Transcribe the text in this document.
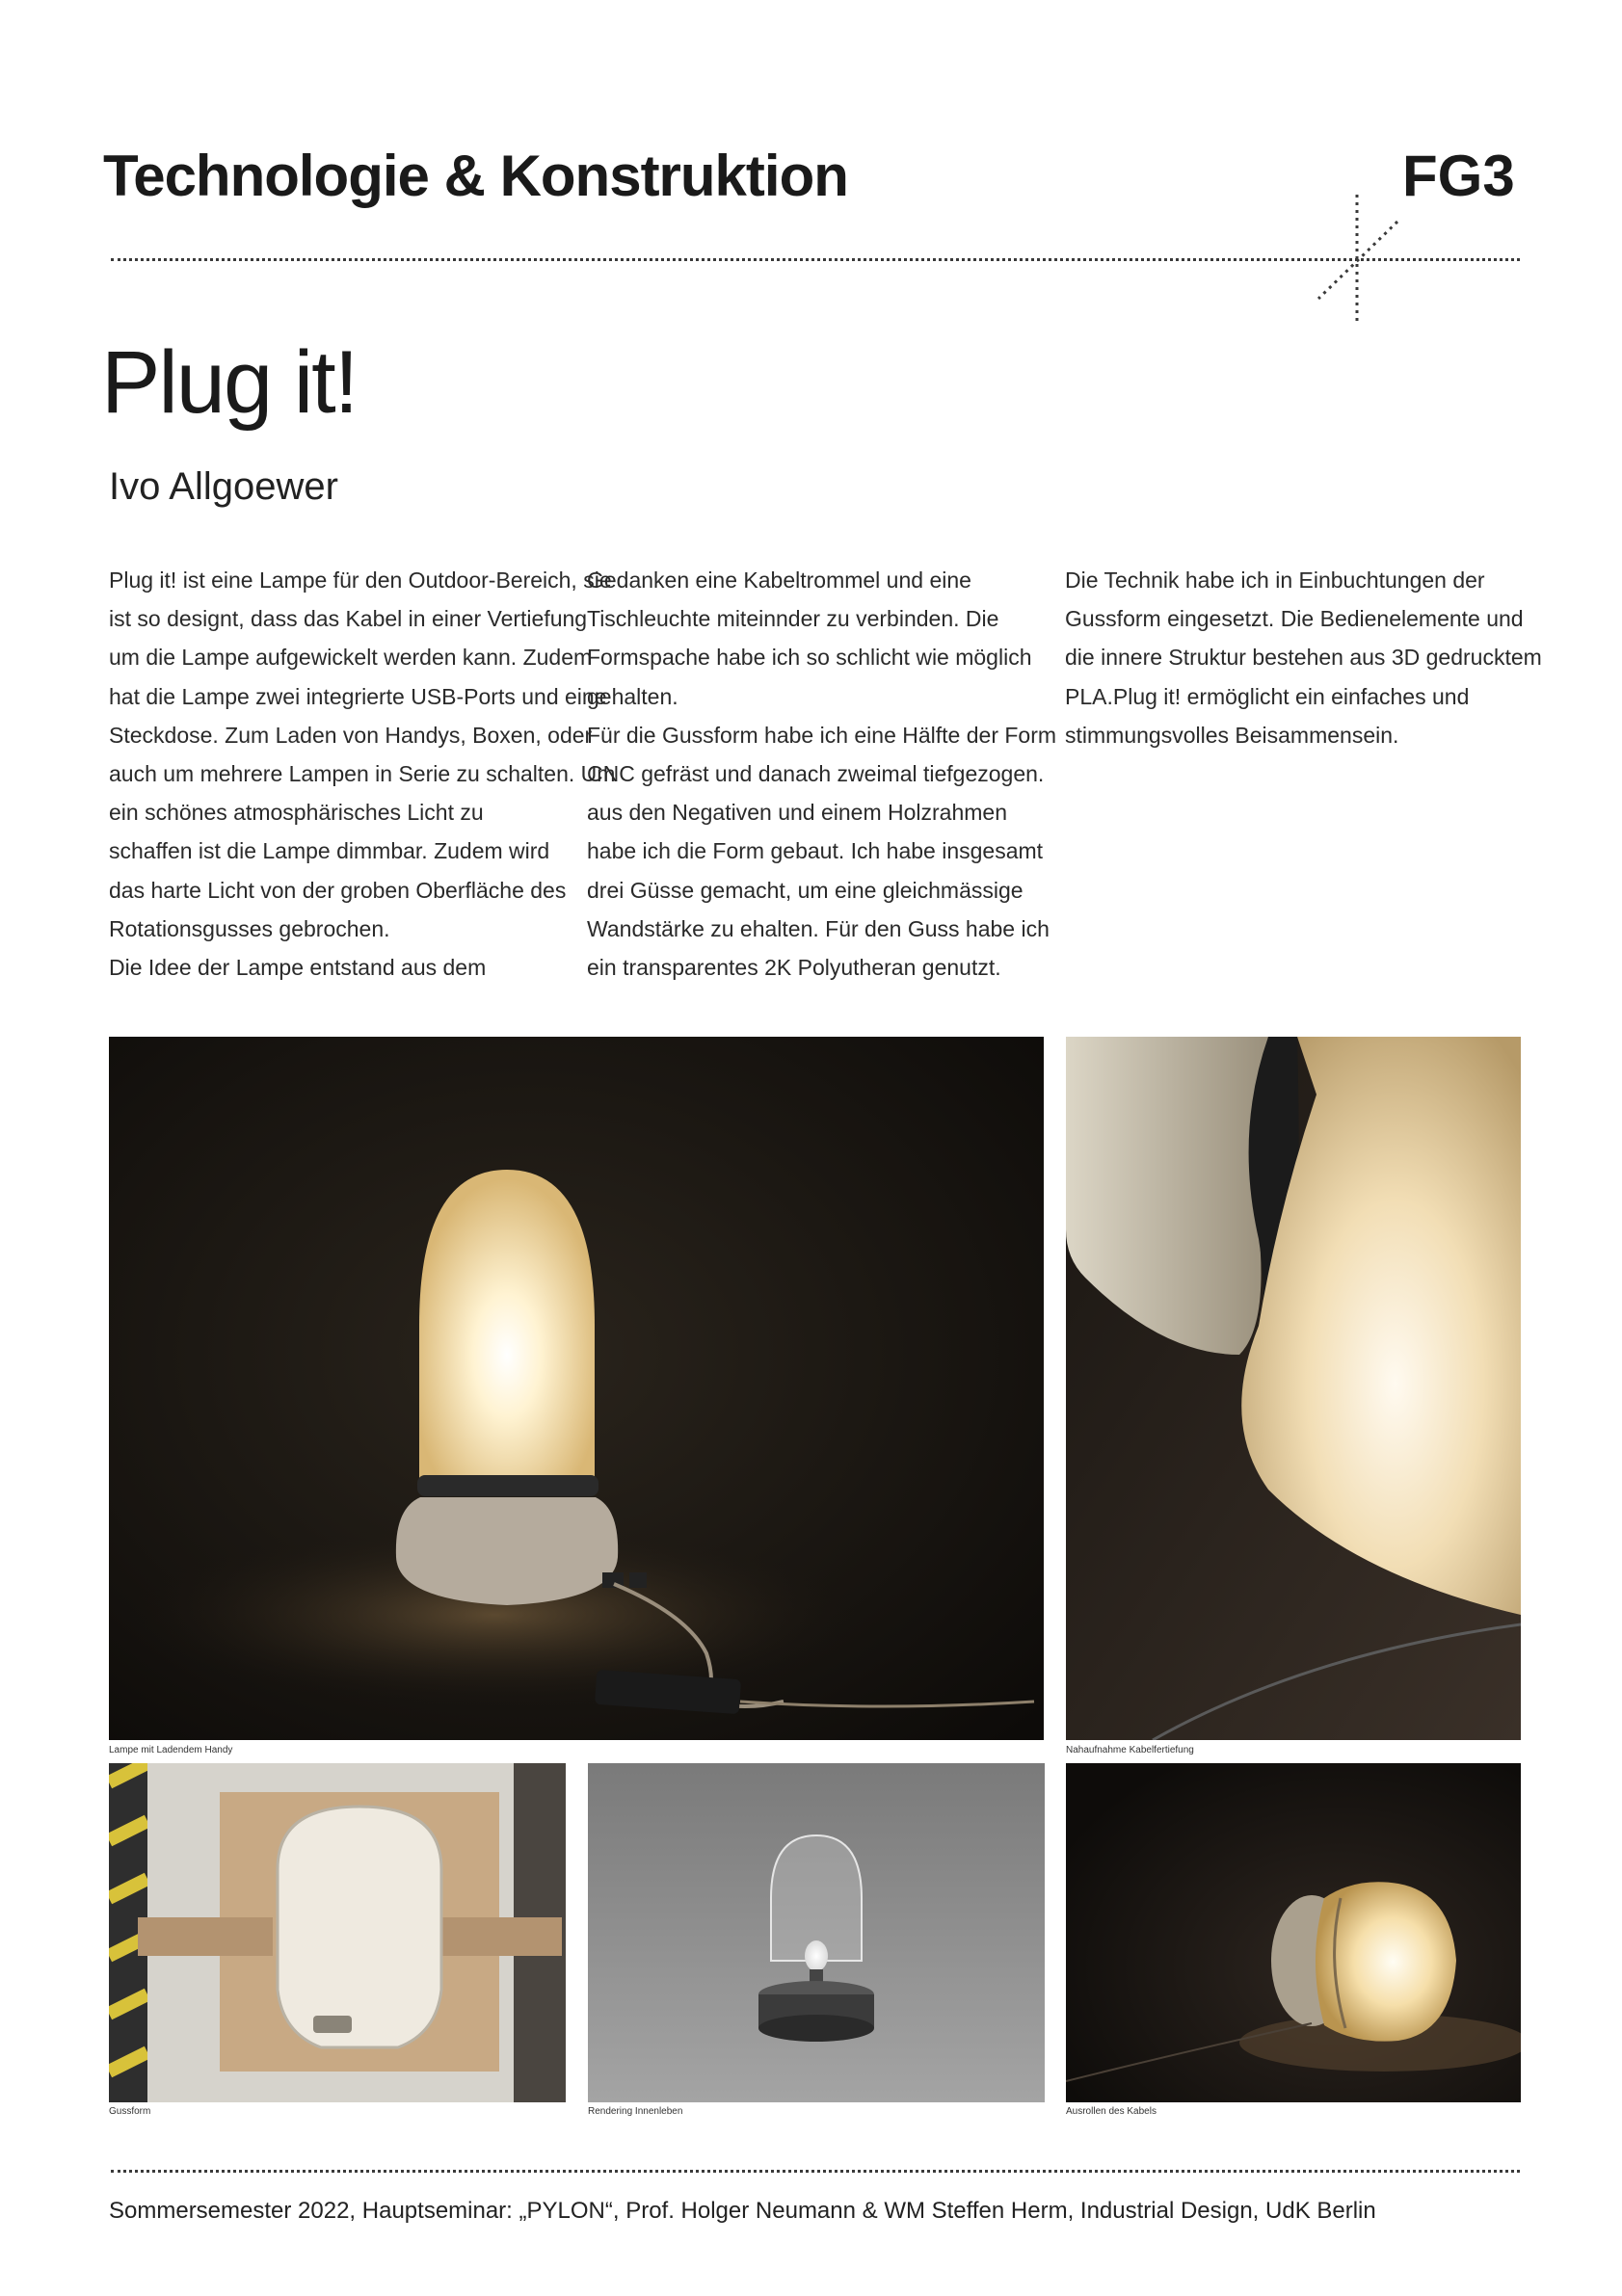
Technologie & Konstruktion	FG3
Plug it!
Ivo Allgoewer

Plug it! ist eine Lampe für den Outdoor-Bereich, sie

ist so designt, dass das Kabel in einer Vertiefung

um die Lampe aufgewickelt werden kann. Zudem

hat die Lampe zwei integrierte USB-Ports und eine

Steckdose. Zum Laden von Handys, Boxen, oder

auch um mehrere Lampen in Serie zu schalten. Um

ein schönes atmosphärisches Licht zu

schaffen ist die Lampe dimmbar. Zudem wird

das harte Licht von der groben Oberfläche des

Rotationsgusses gebrochen.

Die Idee der Lampe entstand aus dem

Gedanken eine Kabeltrommel und eine

Tischleuchte miteinnder zu verbinden. Die

Formspache habe ich so schlicht wie möglich

gehalten.

Für die Gussform habe ich eine Hälfte der Form

CNC gefräst und danach zweimal tiefgezogen.

aus den Negativen und einem Holzrahmen

habe ich die Form gebaut. Ich habe insgesamt

drei Güsse gemacht, um eine gleichmässige

Wandstärke zu ehalten. Für den Guss habe ich

ein transparentes 2K Polyutheran genutzt.

Die Technik habe ich in Einbuchtungen der

Gussform eingesetzt. Die Bedienelemente und

die innere Struktur bestehen aus 3D gedrucktem

PLA.Plug it! ermöglicht ein einfaches und

stimmungsvolles Beisammensein.

Lampe mit Ladendem Handy	Nahaufnahme Kabelfertiefung
Gussform	Rendering Innenleben	Ausrollen des Kabels
Sommersemester 2022, Hauptseminar: „PYLON“, Prof. Holger Neumann & WM Steffen Herm, Industrial Design, UdK Berlin
